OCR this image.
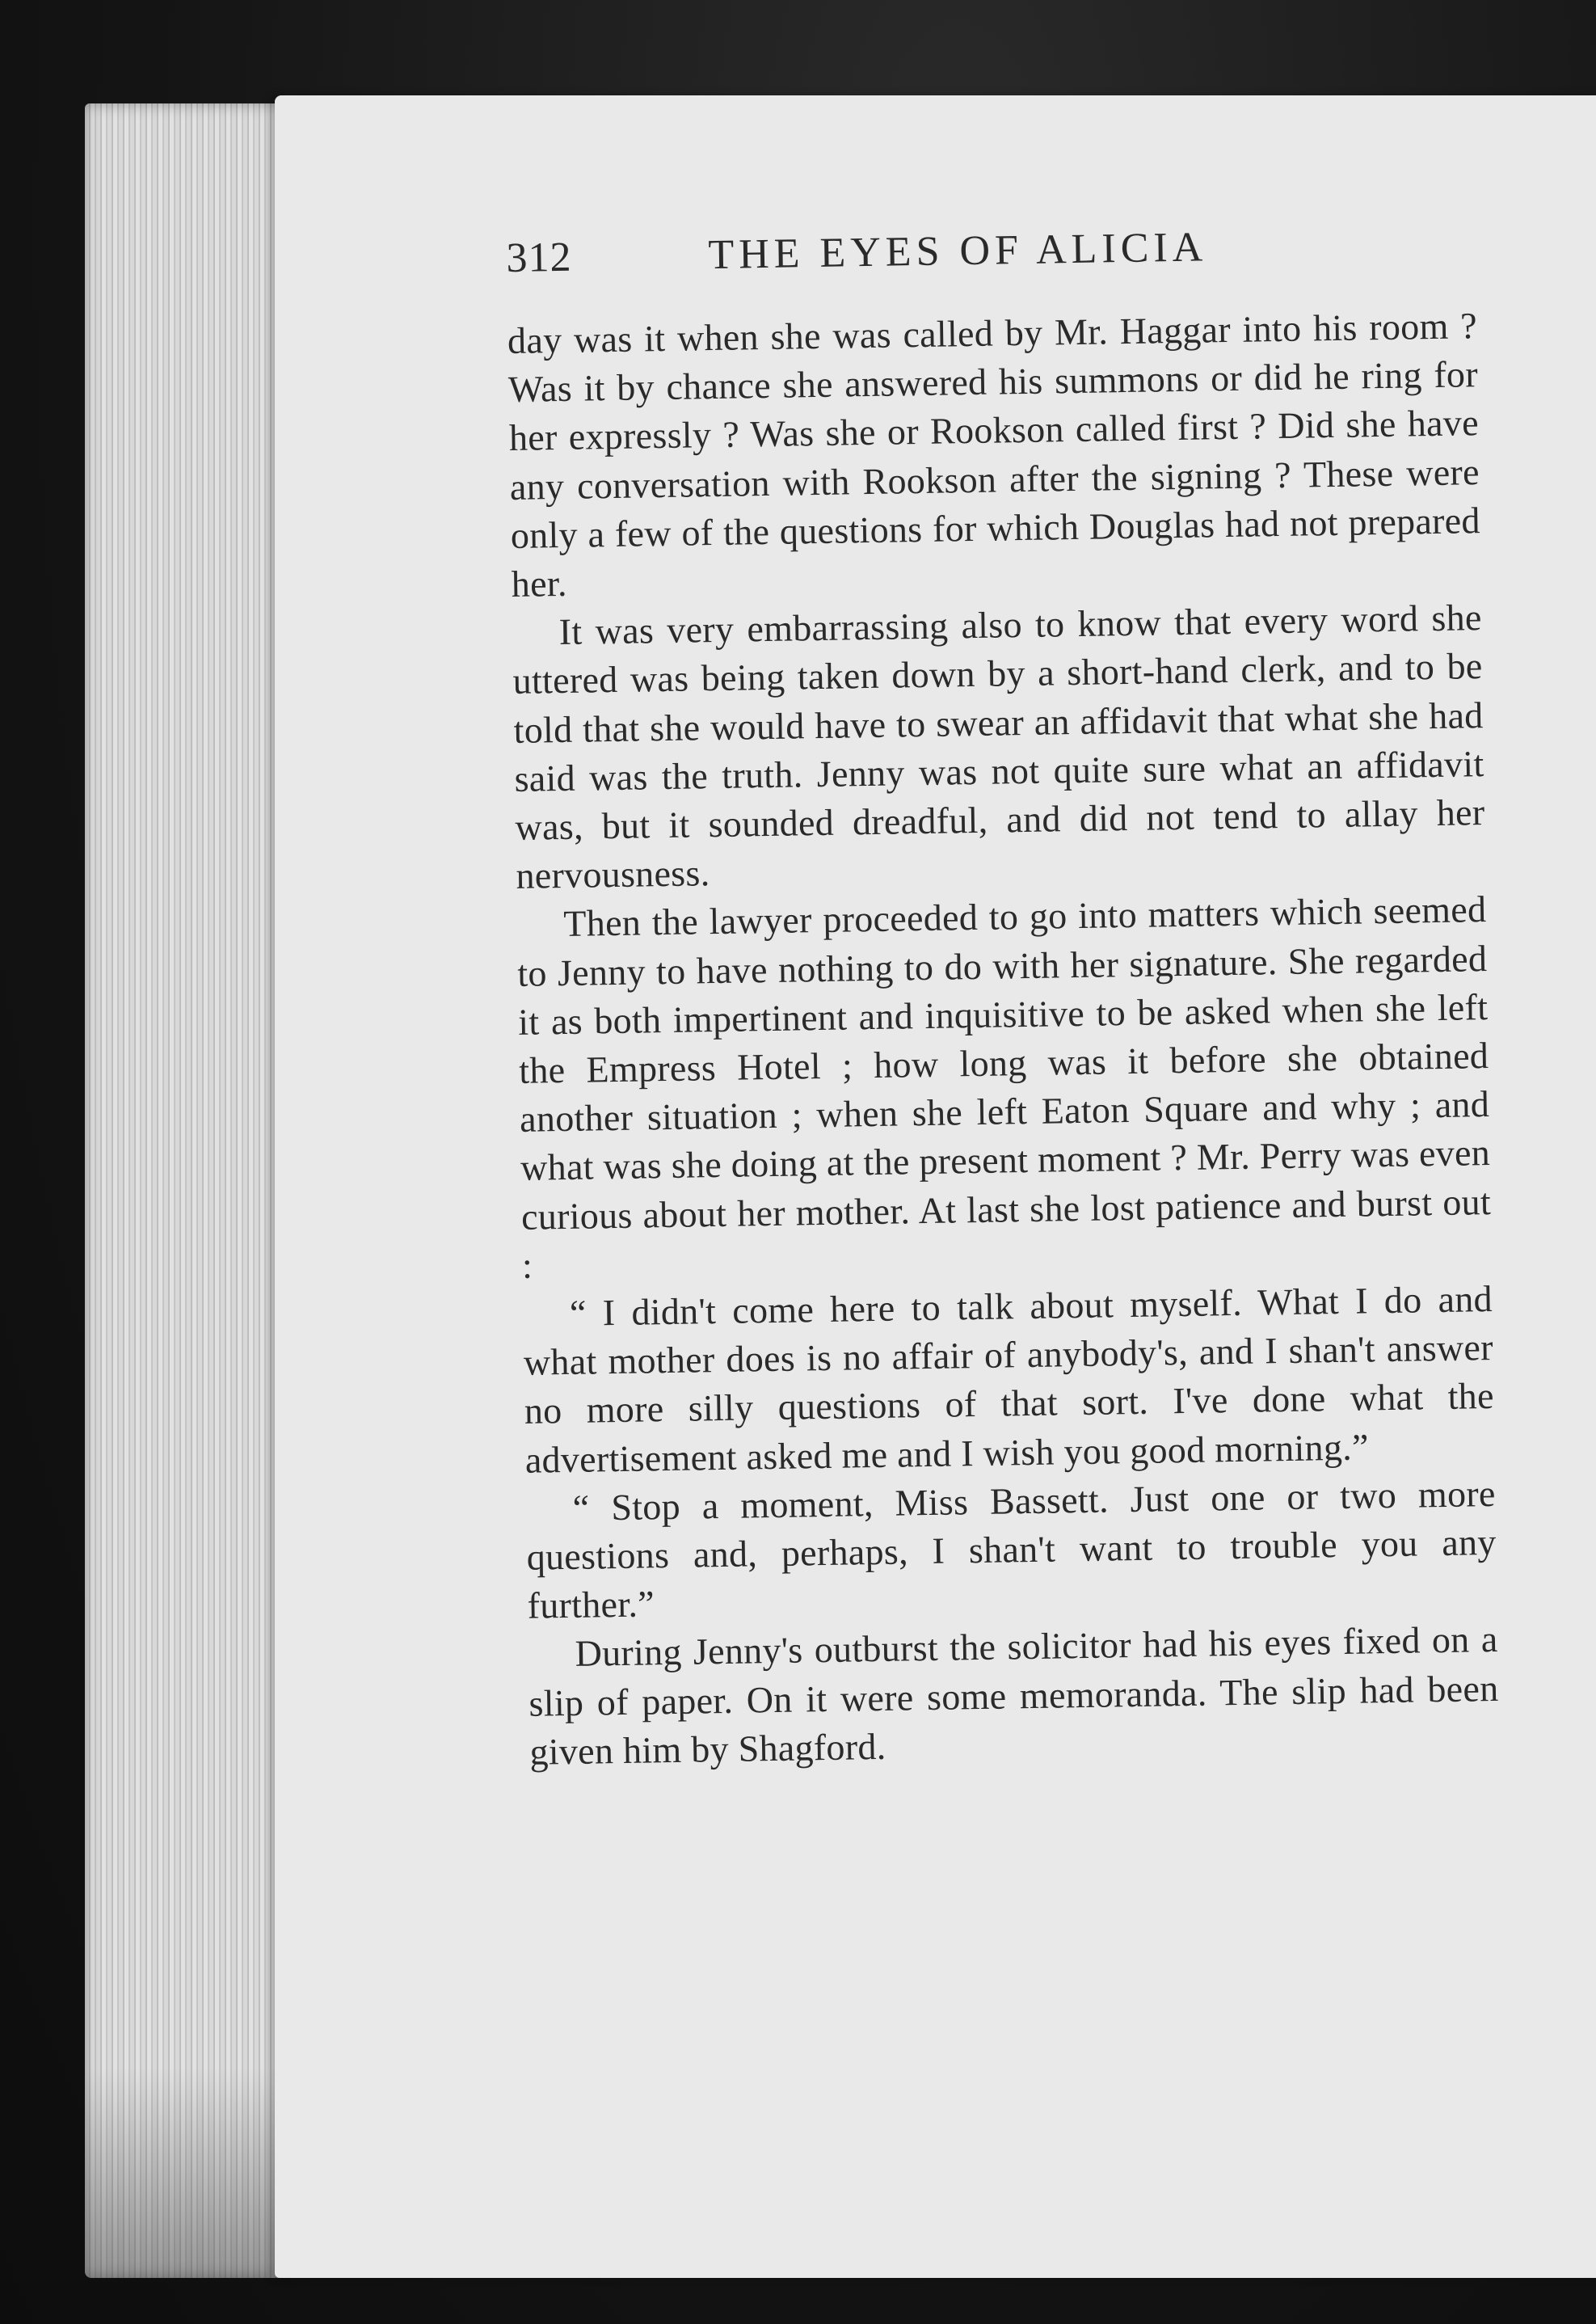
312	THE EYES OF ALICIA

day was it when she was called by Mr. Haggar into his room ? Was it by chance she answered his summons or did he ring for her expressly ? Was she or Rookson called first ? Did she have any conversation with Rookson after the signing ? These were only a few of the questions for which Douglas had not prepared her.

It was very embarrassing also to know that every word she uttered was being taken down by a short-hand clerk, and to be told that she would have to swear an affidavit that what she had said was the truth. Jenny was not quite sure what an affidavit was, but it sounded dreadful, and did not tend to allay her nervousness.

Then the lawyer proceeded to go into matters which seemed to Jenny to have nothing to do with her signature. She regarded it as both impertinent and inquisitive to be asked when she left the Empress Hotel ; how long was it before she obtained another situation ; when she left Eaton Square and why ; and what was she doing at the present moment ? Mr. Perry was even curious about her mother. At last she lost patience and burst out :

“ I didn't come here to talk about myself. What I do and what mother does is no affair of anybody's, and I shan't answer no more silly questions of that sort. I've done what the advertisement asked me and I wish you good morning.”

“ Stop a moment, Miss Bassett. Just one or two more questions and, perhaps, I shan't want to trouble you any further.”

During Jenny's outburst the solicitor had his eyes fixed on a slip of paper. On it were some memoranda. The slip had been given him by Shagford.
